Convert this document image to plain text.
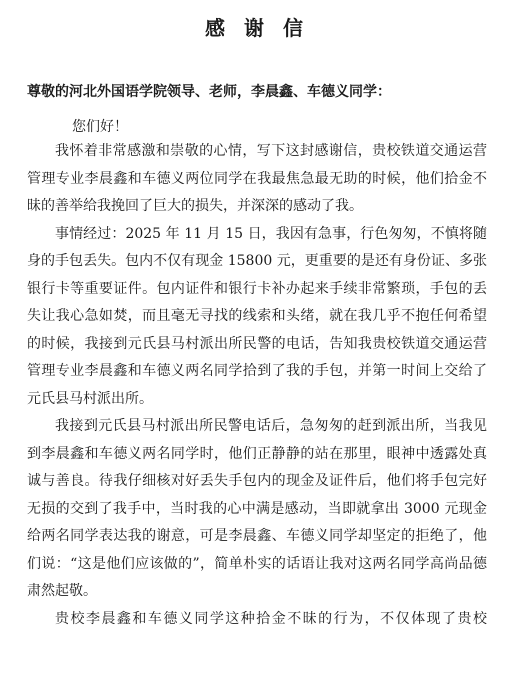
感 谢 信
尊敬的河北外国语学院领导、老师，李晨鑫、车德义同学：
您们好！

我怀着非常感激和崇敬的心情，写下这封感谢信，贵校铁道交通运营管理专业李晨鑫和车德义两位同学在我最焦急最无助的时候，他们拾金不昧的善举给我挽回了巨大的损失，并深深的感动了我。

事情经过：2025 年 11 月 15 日，我因有急事，行色匆匆，不慎将随身的手包丢失。包内不仅有现金 15800 元，更重要的是还有身份证、多张银行卡等重要证件。包内证件和银行卡补办起来手续非常繁琐，手包的丢失让我心急如焚，而且毫无寻找的线索和头绪，就在我几乎不抱任何希望的时候，我接到元氏县马村派出所民警的电话，告知我贵校铁道交通运营管理专业李晨鑫和车德义两名同学拾到了我的手包，并第一时间上交给了元氏县马村派出所。

我接到元氏县马村派出所民警电话后，急匆匆的赶到派出所，当我见到李晨鑫和车德义两名同学时，他们正静静的站在那里，眼神中透露处真诚与善良。待我仔细核对好丢失手包内的现金及证件后，他们将手包完好无损的交到了我手中，当时我的心中满是感动，当即就拿出 3000 元现金给两名同学表达我的谢意，可是李晨鑫、车德义同学却坚定的拒绝了，他们说：“这是他们应该做的”，简单朴实的话语让我对这两名同学高尚品德肃然起敬。

贵校李晨鑫和车德义同学这种拾金不昧的行为，不仅体现了贵校
